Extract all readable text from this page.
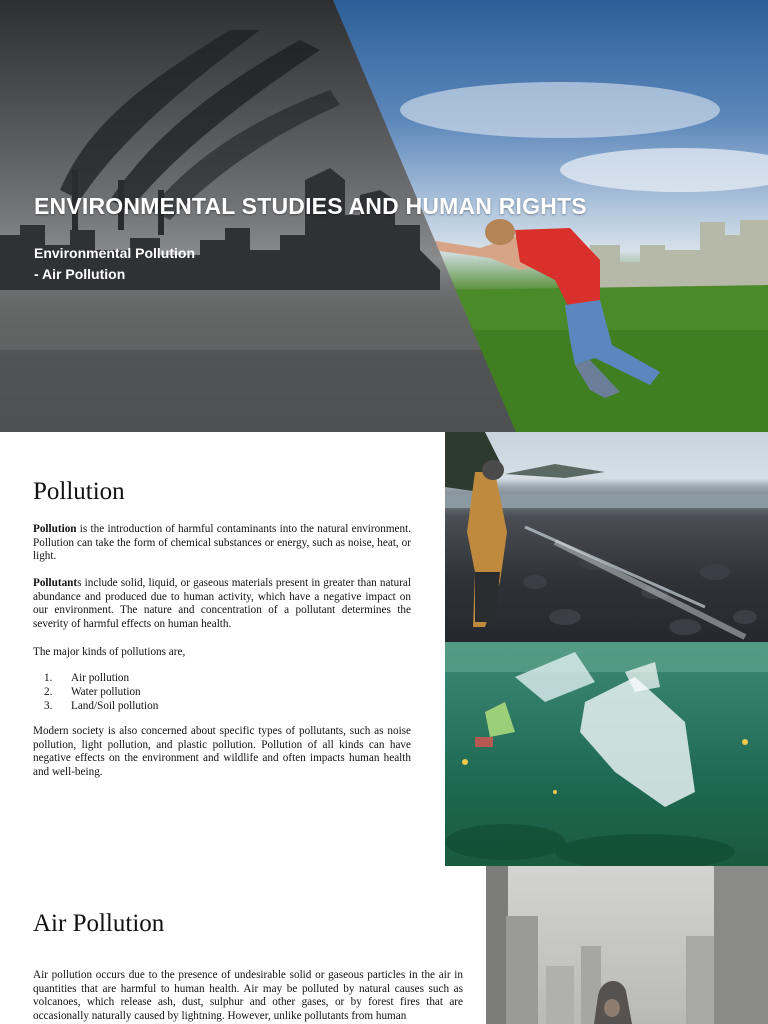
ENVIRONMENTAL STUDIES AND HUMAN RIGHTS
Environmental Pollution
- Air Pollution
Pollution

Pollution is the introduction of harmful contaminants into the natural environment. Pollution can take the form of chemical substances or energy, such as noise, heat, or light.

Pollutants include solid, liquid, or gaseous materials present in greater than natural abundance and produced due to human activity, which have a negative impact on our environment. The nature and concentration of a pollutant determines the severity of harmful effects on human health.

The major kinds of pollutions are,

1.	Air pollution
2.	Water pollution
3.	Land/Soil pollution

Modern society is also concerned about specific types of pollutants, such as noise pollution, light pollution, and plastic pollution. Pollution of all kinds can have negative effects on the environment and wildlife and often impacts human health and well-being.

Air Pollution

Air pollution occurs due to the presence of undesirable solid or gaseous particles in the air in quantities that are harmful to human health. Air may be polluted by natural causes such as volcanoes, which release ash, dust, sulphur and other gases, or by forest fires that are occasionally naturally caused by lightning. However, unlike pollutants from human
